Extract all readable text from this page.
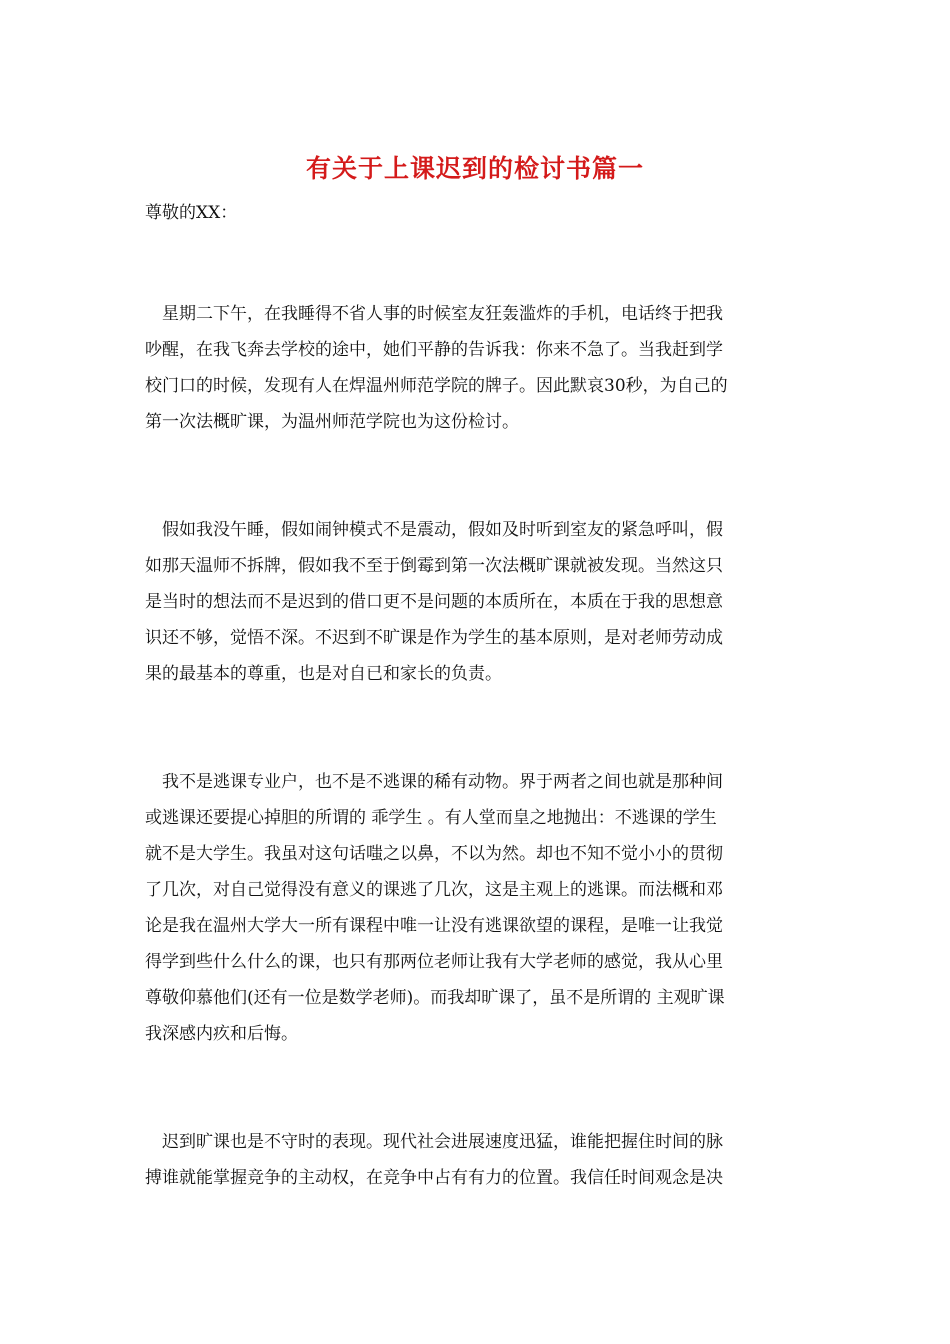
有关于上课迟到的检讨书篇一
尊敬的XX：
　星期二下午，在我睡得不省人事的时候室友狂轰滥炸的手机，电话终于把我
吵醒，在我飞奔去学校的途中，她们平静的告诉我：你来不急了。当我赶到学
校门口的时候，发现有人在焊温州师范学院的牌子。因此默哀30秒，为自己的
第一次法概旷课，为温州师范学院也为这份检讨。
　假如我没午睡，假如闹钟模式不是震动，假如及时听到室友的紧急呼叫，假
如那天温师不拆牌，假如我不至于倒霉到第一次法概旷课就被发现。当然这只
是当时的想法而不是迟到的借口更不是问题的本质所在，本质在于我的思想意
识还不够，觉悟不深。不迟到不旷课是作为学生的基本原则，是对老师劳动成
果的最基本的尊重，也是对自已和家长的负责。
　我不是逃课专业户，也不是不逃课的稀有动物。界于两者之间也就是那种间
或逃课还要提心掉胆的所谓的 乖学生 。有人堂而皇之地抛出：不逃课的学生
就不是大学生。我虽对这句话嗤之以鼻，不以为然。却也不知不觉小小的贯彻
了几次，对自己觉得没有意义的课逃了几次，这是主观上的逃课。而法概和邓
论是我在温州大学大一所有课程中唯一让没有逃课欲望的课程，是唯一让我觉
得学到些什么什么的课，也只有那两位老师让我有大学老师的感觉，我从心里
尊敬仰慕他们(还有一位是数学老师)。而我却旷课了，虽不是所谓的 主观旷课
我深感内疚和后悔。
　迟到旷课也是不守时的表现。现代社会进展速度迅猛，谁能把握住时间的脉
搏谁就能掌握竞争的主动权，在竞争中占有有力的位置。我信任时间观念是决
